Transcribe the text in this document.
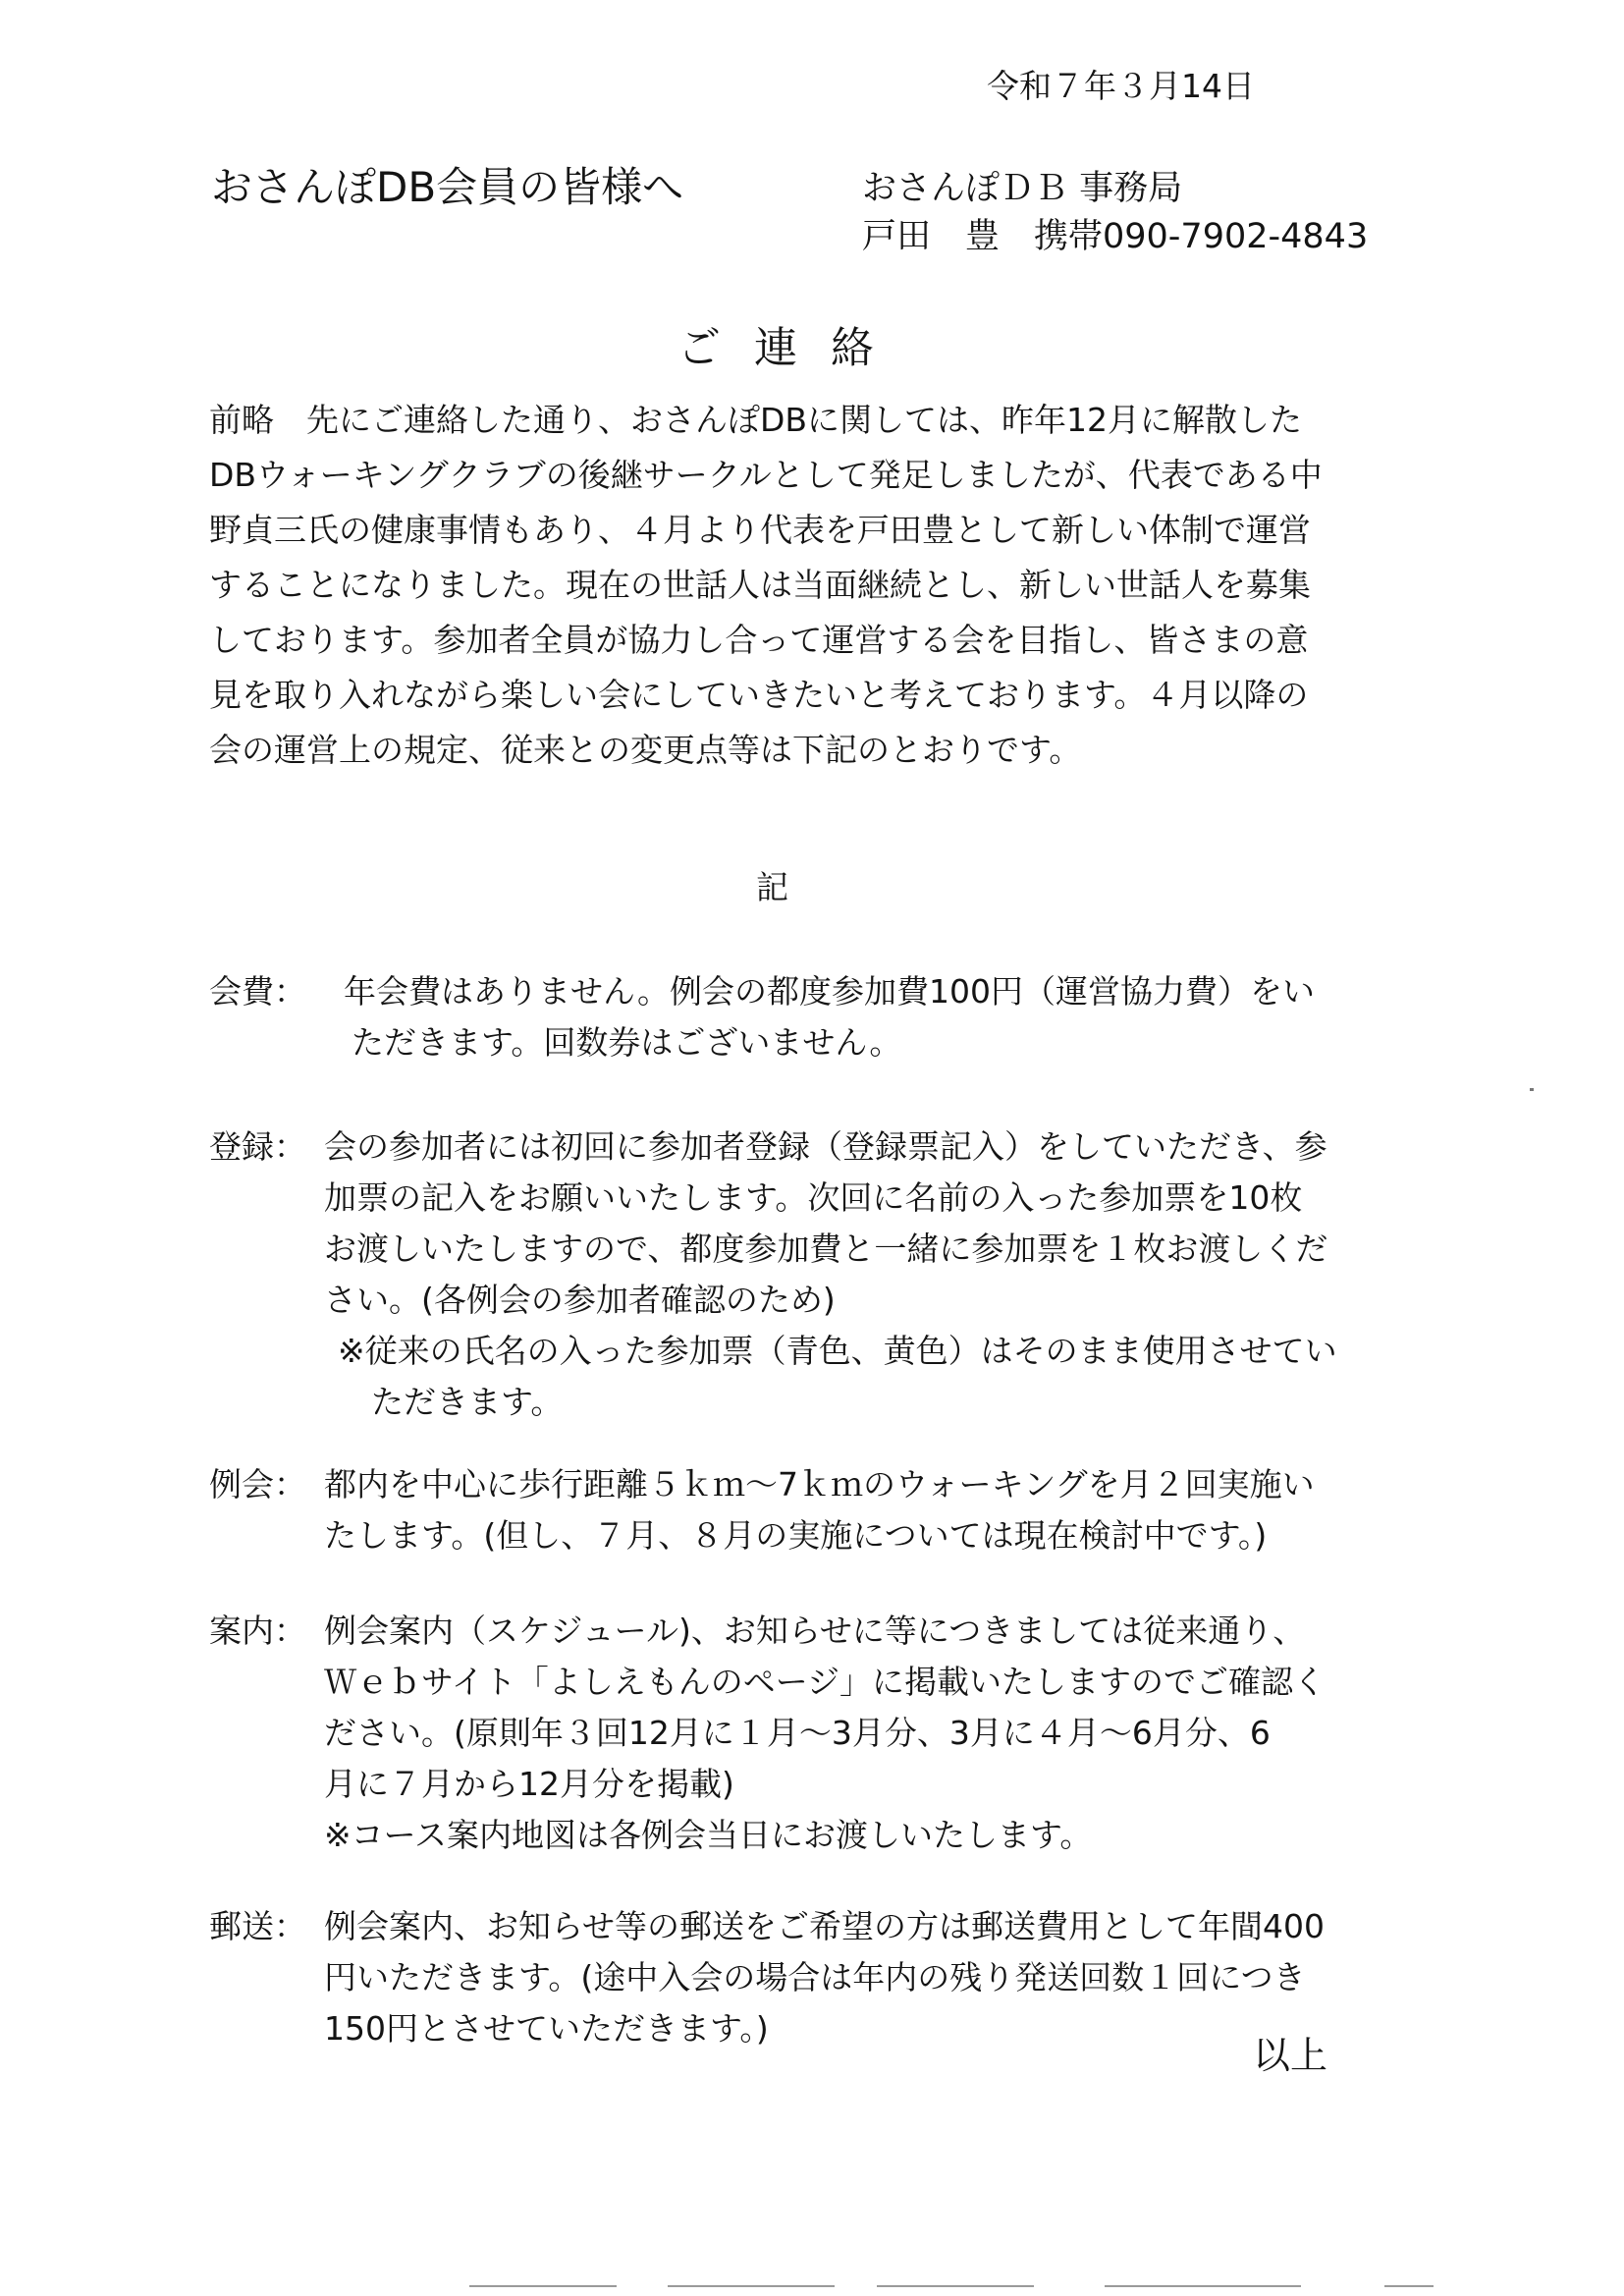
令和７年３月14日
おさんぽDB会員の皆様へ	おさんぽＤＢ 事務局
戸田　豊　携帯090-7902-4843
ご連絡
前略　先にご連絡した通り、おさんぽDBに関しては、昨年12月に解散した
DBウォーキングクラブの後継サークルとして発足しましたが、代表である中
野貞三氏の健康事情もあり、４月より代表を戸田豊として新しい体制で運営
することになりました。現在の世話人は当面継続とし、新しい世話人を募集
しております。参加者全員が協力し合って運営する会を目指し、皆さまの意
見を取り入れながら楽しい会にしていきたいと考えております。４月以降の
会の運営上の規定、従来との変更点等は下記のとおりです。
記
会費： 年会費はありません。例会の都度参加費100円（運営協力費）をい
ただきます。回数券はございません。
登録： 会の参加者には初回に参加者登録（登録票記入）をしていただき、参
加票の記入をお願いいたします。次回に名前の入った参加票を10枚
お渡しいたしますので、都度参加費と一緒に参加票を１枚お渡しくだ
さい。(各例会の参加者確認のため)
※従来の氏名の入った参加票（青色、黄色）はそのまま使用させてい
ただきます。
例会： 都内を中心に歩行距離５ｋｍ～7ｋｍのウォーキングを月２回実施い
たします。(但し、７月、８月の実施については現在検討中です。)
案内： 例会案内（スケジュール)、お知らせに等につきましては従来通り、
Ｗｅｂサイト「よしえもんのページ」に掲載いたしますのでご確認く
ださい。(原則年３回12月に１月～3月分、3月に４月～6月分、6
月に７月から12月分を掲載)
※コース案内地図は各例会当日にお渡しいたします。
郵送： 例会案内、お知らせ等の郵送をご希望の方は郵送費用として年間400
円いただきます。(途中入会の場合は年内の残り発送回数１回につき
150円とさせていただきます。)
以上
